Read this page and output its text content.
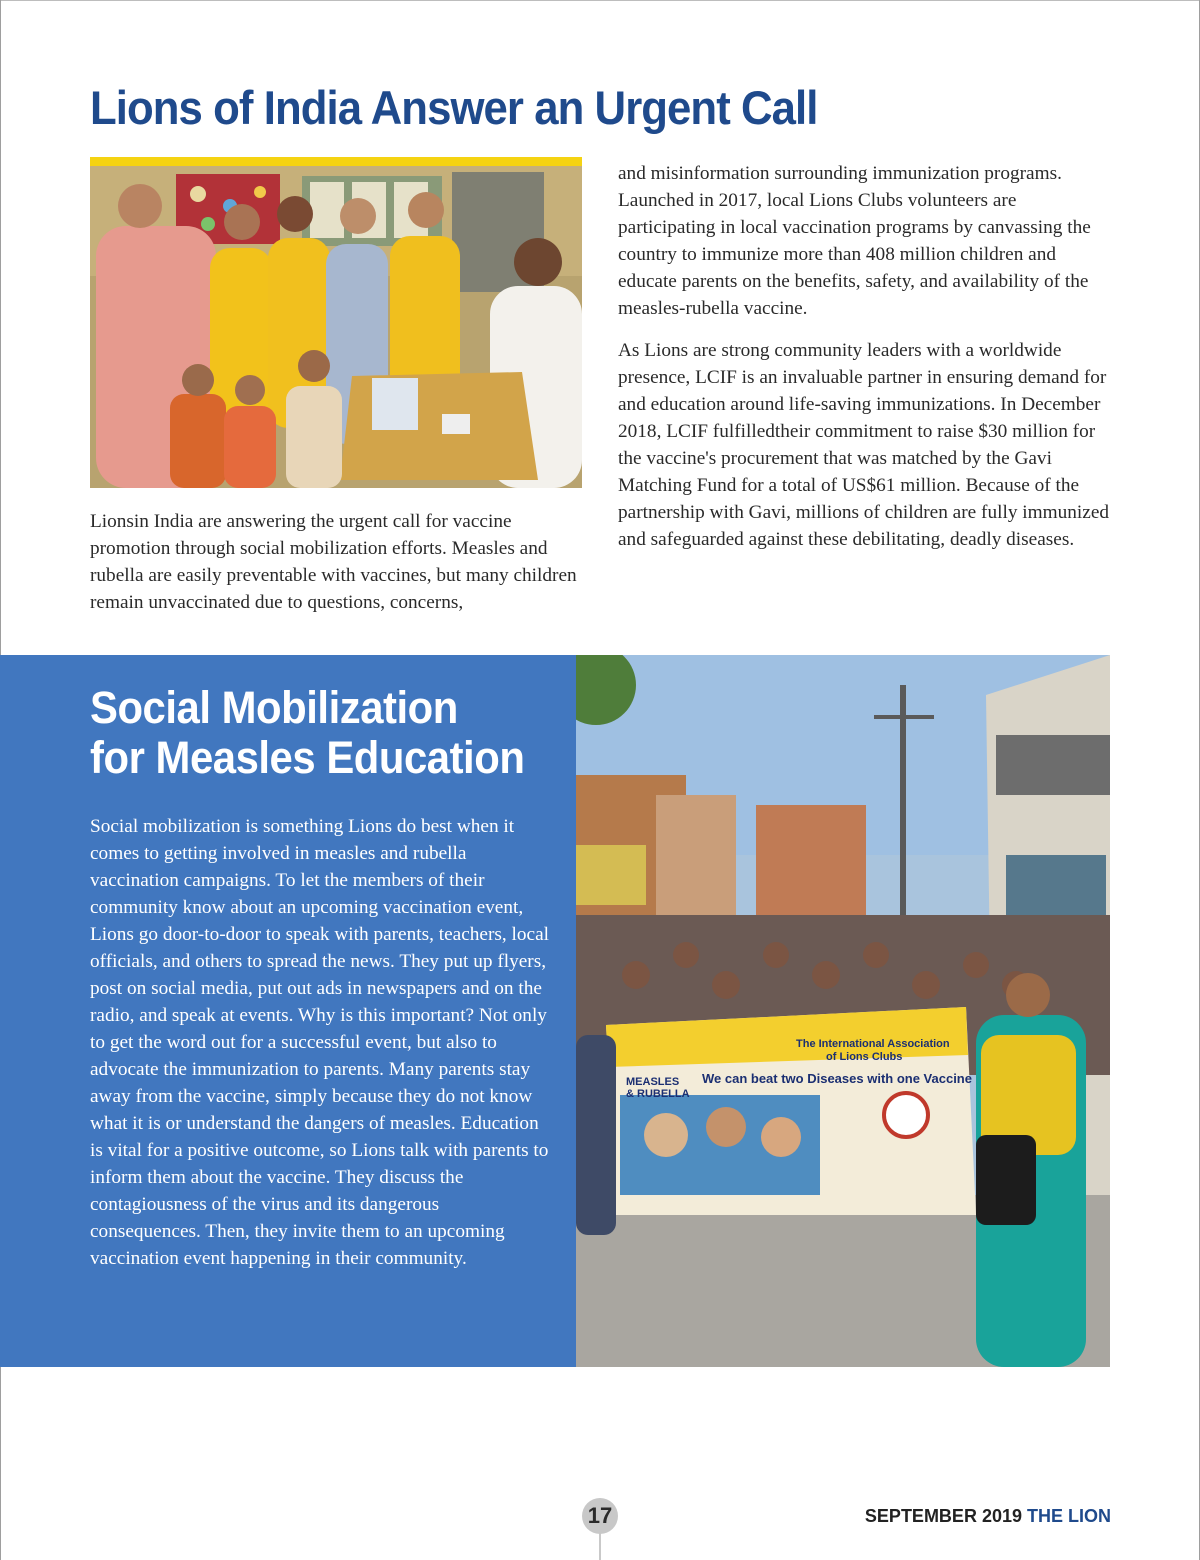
Lions of India Answer an Urgent Call

Lionsin India are answering the urgent call for vaccine promotion through social mobilization efforts. Measles and rubella are easily preventable with vaccines, but many children remain unvaccinated due to questions, concerns,

and misinformation surrounding immunization programs. Launched in 2017, local Lions Clubs volunteers are participating in local vaccination programs by canvassing the country to immunize more than 408 million children and educate parents on the benefits, safety, and availability of the measles-rubella vaccine.

As Lions are strong community leaders with a worldwide presence, LCIF is an invaluable partner in ensuring demand for and education around life-saving immunizations. In December 2018, LCIF fulfilledtheir commitment to raise $30 million for the vaccine's procurement that was matched by the Gavi Matching Fund for a total of US$61 million. Because of the partnership with Gavi, millions of children are fully immunized and safeguarded against these debilitating, deadly diseases.

Social Mobilization
for Measles Education

Social mobilization is something Lions do best when it comes to getting involved in measles and rubella vaccination campaigns. To let the members of their community know about an upcoming vaccination event, Lions go door-to-door to speak with parents, teachers, local officials, and others to spread the news. They put up flyers, post on social media, put out ads in newspapers and on the radio, and speak at events. Why is this important? Not only to get the word out for a successful event, but also to advocate the immunization to parents. Many parents stay away from the vaccine, simply because they do not know what it is or understand the dangers of measles. Education is vital for a positive outcome, so Lions talk with parents to inform them about the vaccine. They discuss the contagiousness of the virus and its dangerous consequences. Then, they invite them to an upcoming vaccination event happening in their community.

The International Association
of Lions Clubs
We can beat two Diseases with one Vaccine
MEASLES
& RUBELLA
17	SEPTEMBER 2019 THE LION
